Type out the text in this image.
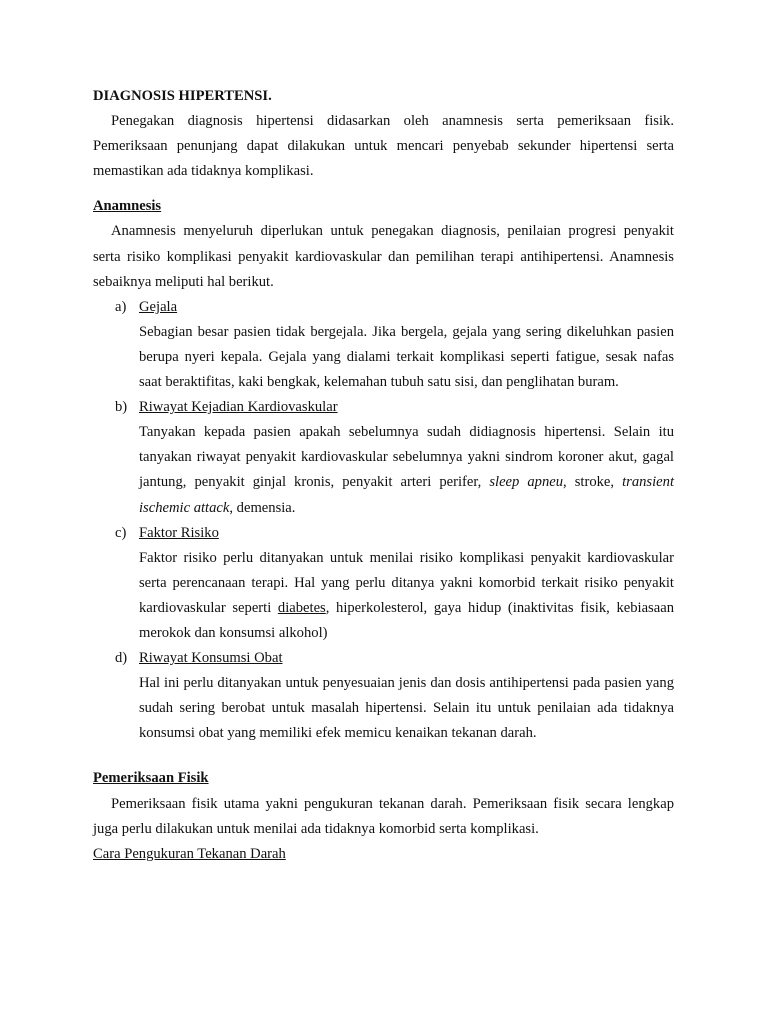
DIAGNOSIS HIPERTENSI.

Penegakan diagnosis hipertensi didasarkan oleh anamnesis serta pemeriksaan fisik. Pemeriksaan penunjang dapat dilakukan untuk mencari penyebab sekunder hipertensi serta memastikan ada tidaknya komplikasi.

Anamnesis

Anamnesis menyeluruh diperlukan untuk penegakan diagnosis, penilaian progresi penyakit serta risiko komplikasi penyakit kardiovaskular dan pemilihan terapi antihipertensi. Anamnesis sebaiknya meliputi hal berikut.

a) Gejala

Sebagian besar pasien tidak bergejala. Jika bergela, gejala yang sering dikeluhkan pasien berupa nyeri kepala. Gejala yang dialami terkait komplikasi seperti fatigue, sesak nafas saat beraktifitas, kaki bengkak, kelemahan tubuh satu sisi, dan penglihatan buram.

b) Riwayat Kejadian Kardiovaskular

Tanyakan kepada pasien apakah sebelumnya sudah didiagnosis hipertensi. Selain itu tanyakan riwayat penyakit kardiovaskular sebelumnya yakni sindrom koroner akut, gagal jantung, penyakit ginjal kronis, penyakit arteri perifer, sleep apneu, stroke, transient ischemic attack, demensia.

c) Faktor Risiko

Faktor risiko perlu ditanyakan untuk menilai risiko komplikasi penyakit kardiovaskular serta perencanaan terapi. Hal yang perlu ditanya yakni komorbid terkait risiko penyakit kardiovaskular seperti diabetes, hiperkolesterol, gaya hidup (inaktivitas fisik, kebiasaan merokok dan konsumsi alkohol)

d) Riwayat Konsumsi Obat

Hal ini perlu ditanyakan untuk penyesuaian jenis dan dosis antihipertensi pada pasien yang sudah sering berobat untuk masalah hipertensi. Selain itu untuk penilaian ada tidaknya konsumsi obat yang memiliki efek memicu kenaikan tekanan darah.

Pemeriksaan Fisik

Pemeriksaan fisik utama yakni pengukuran tekanan darah. Pemeriksaan fisik secara lengkap juga perlu dilakukan untuk menilai ada tidaknya komorbid serta komplikasi.

Cara Pengukuran Tekanan Darah
